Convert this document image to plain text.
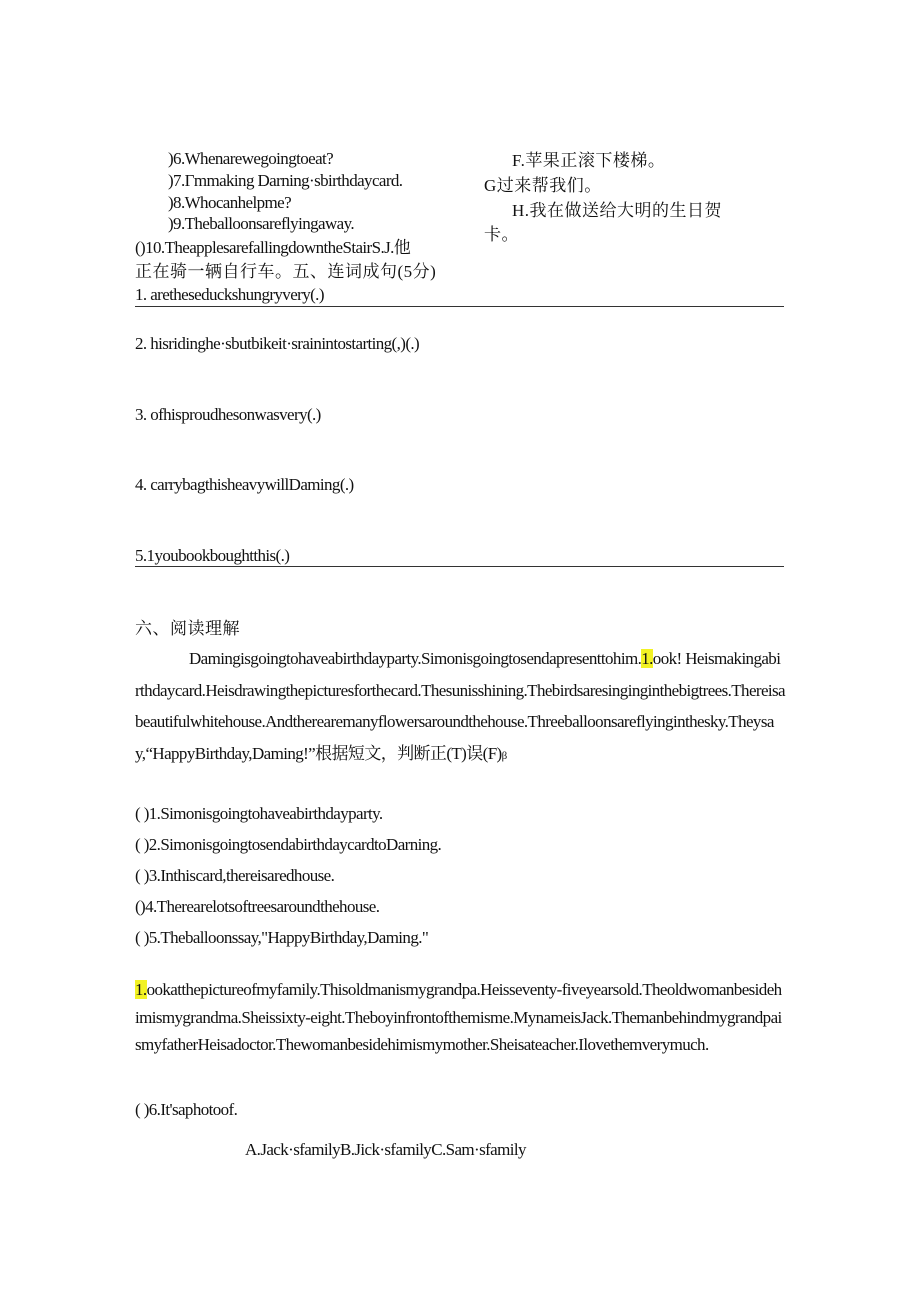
)6.Whenarewegoingtoeat?
)7.Γmmaking Darning·sbirthdaycard.
)8.Whocanhelpme?
)9.Theballoonsareflyingaway.
()10.TheapplesarefallingdowntheStairS.J.他
正在骑一辆自行车。五、连词成句(5分)
F.苹果正滚下楼梯。
G过来帮我们。
H.我在做送给大明的生日贺
卡。
1. aretheseduckshungryvery(.)
2. hisridinghe·sbutbikeit·srainintostarting(,)(.)
3. ofhisproudhesonwasvery(.)
4. carrybagthisheavywillDaming(.)
5.1youbookboughtthis(.)
六、阅读理解
Damingisgoingtohaveabirthdayparty.Simonisgoingtosendapresenttohim.1.ook! Heismakingabirthdaycard.Heisdrawingthepicturesforthecard.Thesunisshining.Thebirdsaresinginginthebigtrees.Thereisabeautifulwhitehouse.Andtherearemanyflowersaroundthehouse.Threeballoonsareflyinginthesky.Theysay,“HappyBirthday,Daming!”根据短文，判断正(T)误(F)β
( )1.Simonisgoingtohaveabirthdayparty.
( )2.SimonisgoingtosendabirthdaycardtoDarning.
( )3.Inthiscard,thereisaredhouse.
()4.Therearelotsoftreesaroundthehouse.
( )5.Theballoonssay,"HappyBirthday,Daming."
1.ookatthepictureofmyfamily.Thisoldmanismygrandpa.Heisseventy-fiveyearsold.Theoldwomanbesidehimismygrandma.Sheissixty-eight.Theboyinfrontofthemisme.MynameisJack.ThemanbehindmygrandpaismyfatherHeisadoctor.Thewomanbesidehimismymother.Sheisateacher.Ilovethemverymuch.
( )6.It'saphotoof.
A.Jack·sfamilyB.Jick·sfamilyC.Sam·sfamily
